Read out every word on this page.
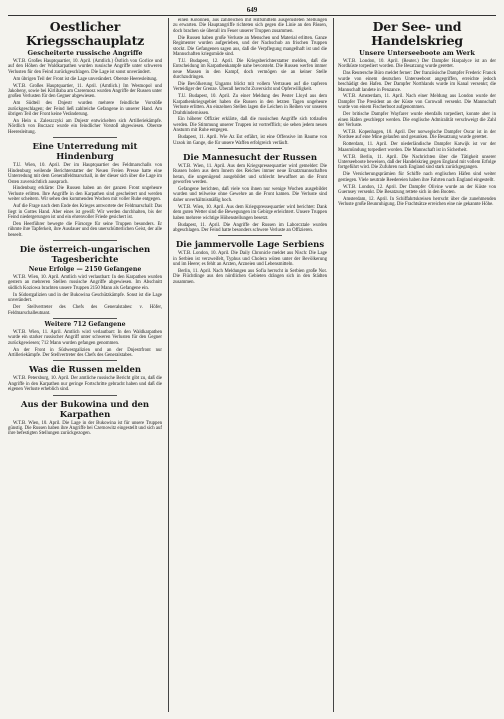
649
Oestlicher Kriegsschauplatz
Gescheiterte russische Angriffe

W.T.B. Großes Hauptquartier, 10. April. (Amtlich.) Östlich von Gorlice und auf den Höhen der Waldkarpathen wurden russische Angriffe unter schweren Verlusten für den Feind zurückgeschlagen. Die Lage ist sonst unverändert.

Am übrigen Teil der Front ist die Lage unverändert. Oberste Heeresleitung.

W.T.B. Großes Hauptquartier, 11. April. (Amtlich.) Im Westnopol und Jakobeny, sowie bei Kirlibaba am Czeremosz wurden Angriffe der Russen unter großen Verlusten für den Gegner abgewiesen.

Am Südteil des Dnjestr wurden mehrere feindliche Vorstöße zurückgeschlagen; der Feind ließ zahlreiche Gefangene in unserer Hand. Am übrigen Teil der Front keine Veränderung.

An Hein u. Zaleszczyki am Dnjestr entwickelten sich Artilleriekämpfe. Nördlich von Buczacz wurde ein feindlicher Vorstoß abgewiesen. Oberste Heeresleitung.

Eine Unterredung mit Hindenburg

T.U. Wien, 10. April. Der im Hauptquartier des Feldmarschalls von Hindenburg weilende Berichterstatter der Neuen Freien Presse hatte eine Unterredung mit dem Generalfeldmarschall, in der dieser sich über die Lage im Osten zuversichtlich aussprach.

Hindenburg erklärte: Die Russen haben an der ganzen Front ungeheure Verluste erlitten. Ihre Angriffe in den Karpathen sind gescheitert und werden weiter scheitern. Wir sehen den kommenden Wochen mit voller Ruhe entgegen.

Auf die Frage nach dem Ende des Krieges antwortete der Feldmarschall: Das liegt in Gottes Hand. Aber eines ist gewiß: Wir werden durchhalten, bis der Feind niedergerungen ist und ein ehrenvoller Friede gesichert ist.

Den Heerführer bewegte die Fürsorge für seine Truppen besonders. Er rühmte ihre Tapferkeit, ihre Ausdauer und den unerschütterlichen Geist, der alle beseelt.

Die österreich-ungarischen Tagesberichte
Neue Erfolge — 2150 Gefangene

W.T.B. Wien, 10. April. Amtlich wird verlautbart: In den Karpathen wurden gestern an mehreren Stellen russische Angriffe abgewiesen. Im Abschnitt südlich Koziowa brachten unsere Truppen 2150 Mann als Gefangene ein.

In Südostgalizien und in der Bukowina Geschützkämpfe. Sonst ist die Lage unverändert.

Der Stellvertreter des Chefs des Generalstabes: v. Höfer, Feldmarschalleutnant.

Weitere 712 Gefangene

W.T.B. Wien, 11. April. Amtlich wird verlautbart: In den Waldkarpathen wurde ein starker russischer Angriff unter schweren Verlusten für den Gegner zurückgewiesen; 712 Mann wurden gefangen genommen.

An der Front in Südwestgalizien und an der Dnjestrfront nur Artilleriekämpfe. Der Stellvertreter des Chefs des Generalstabes.

Was die Russen melden

W.T.B. Petersburg, 10. April. Der amtliche russische Bericht gibt zu, daß die Angriffe in den Karpathen nur geringe Fortschritte gebracht haben und daß die eigenen Verluste erheblich sind.

Aus der Bukowina und den Karpathen

W.T.B. Wien, 10. April. Die Lage in der Bukowina ist für unsere Truppen günstig. Die Russen haben ihre Angriffe bei Czernowitz eingestellt und sich auf ihre befestigten Stellungen zurückgezogen.

einen Kolonnen, aus zahlreichen mit Hilfsmitteln ausgerüsteten Stellungen zu erwarten. Die Hauptangriffe richteten sich gegen die Linie an den Pässen, doch brachen sie überall im Feuer unserer Truppen zusammen.

Die Russen haben große Verluste an Menschen und Material erlitten. Ganze Regimenter wurden aufgerieben, und der Nachschub an frischen Truppen stockt. Die Gefangenen sagen aus, daß die Verpflegung mangelhaft ist und die Mannschaften kriegsmüde sind.

T.U. Budapest, 12. April. Die Kriegsberichterstatter melden, daß die Entscheidung im Karpathenkampfe nahe bevorsteht. Die Russen werfen immer neue Massen in den Kampf, doch vermögen sie an keiner Stelle durchzudringen.

Die Bevölkerung Ungarns blickt mit vollem Vertrauen auf die tapferen Verteidiger der Grenze. Überall herrscht Zuversicht und Opferwilligkeit.

T.U. Budapest, 10. April. Zu einer Meldung des Pester Lloyd aus dem Karpathenkriegsgebiet haben die Russen in den letzten Tagen ungeheure Verluste erlitten. An einzelnen Stellen lagen die Leichen in Reihen vor unseren Drahthindernissen.

Ein höherer Offizier erklärte, daß die russischen Angriffe sich totlaufen werden. Die Stimmung unserer Truppen ist vortrefflich; sie sehen jedem neuen Ansturm mit Ruhe entgegen.

Budapest, 11. April. Wie Az Est erfährt, ist eine Offensive im Raume von Uzsok im Gange, die für unsere Waffen erfolgreich verläuft.

Die Mannesucht der Russen

W.T.B. Wien, 11. April. Aus dem Kriegspressequartier wird gemeldet: Die Russen holen aus dem Innern des Reiches immer neue Ersatzmannschaften heran, die ungenügend ausgebildet und schlecht bewaffnet an die Front geworfen werden.

Gefangene berichten, daß viele von ihnen nur wenige Wochen ausgebildet wurden und teilweise ohne Gewehre an die Front kamen. Die Verluste sind daher unverhältnismäßig hoch.

W.T.B. Wien, 10. April. Aus dem Kriegspressequartier wird berichtet: Dank dem guten Wetter sind die Bewegungen im Gebirge erleichtert. Unsere Truppen haben mehrere wichtige Höhenstellungen besetzt.

Budapest, 11. April. Die Angriffe der Russen im Laborcztale wurden abgeschlagen. Der Feind hatte besonders schwere Verluste an Offizieren.

Die jammervolle Lage Serbiens

W.T.B. London, 10. April. Die Daily Chronicle meldet aus Nisch: Die Lage in Serbien ist verzweifelt. Typhus und Cholera wüten unter der Bevölkerung und im Heere; es fehlt an Ärzten, Arzneien und Lebensmitteln.

Berlin, 11. April. Nach Meldungen aus Sofia herrscht in Serbien große Not. Die Flüchtlinge aus den nördlichen Gebieten drängen sich in den Städten zusammen.

Der See- und Handelskrieg
Unsere Unterseeboote am Werk

W.T.B. London, 10. April. (Reuter.) Der Dampfer Harpalyce ist an der Nordküste torpediert worden. Die Besatzung wurde gerettet.

Das Reutersche Büro meldet ferner: Der französische Dampfer Frederic Franck wurde von einem deutschen Unterseeboot angegriffen, erreichte jedoch beschädigt den Hafen. Der Dampfer Northlands wurde im Kanal versenkt; die Mannschaft landete in Penzance.

W.T.B. Amsterdam, 11. April. Nach einer Meldung aus London wurde der Dampfer The President an der Küste von Cornwall versenkt. Die Mannschaft wurde von einem Fischerboot aufgenommen.

Der britische Dampfer Wayfarer wurde ebenfalls torpediert, konnte aber in einen Hafen geschleppt werden. Die englische Admiralität verschweigt die Zahl der Verluste.

W.T.B. Kopenhagen, 10. April. Der norwegische Dampfer Oscar ist in der Nordsee auf eine Mine gelaufen und gesunken. Die Besatzung wurde gerettet.

Rotterdam, 11. April. Der niederländische Dampfer Katwijk ist vor der Maasmündung torpediert worden. Die Mannschaft ist in Sicherheit.

W.T.B. Berlin, 11. April. Die Nachrichten über die Tätigkeit unserer Unterseeboote beweisen, daß der Handelskrieg gegen England mit vollem Erfolge fortgeführt wird. Die Zufuhren nach England sind stark zurückgegangen.

Die Versicherungsprämien für Schiffe nach englischen Häfen sind weiter gestiegen. Viele neutrale Reedereien haben ihre Fahrten nach England eingestellt.

W.T.B. London, 12. April. Der Dampfer Olivine wurde an der Küste von Guernsey versenkt. Die Besatzung rettete sich in den Booten.

Amsterdam, 12. April. In Schiffahrtskreisen herrscht über die zunehmenden Verluste große Beunruhigung. Die Frachtsätze erreichen eine nie gekannte Höhe.
